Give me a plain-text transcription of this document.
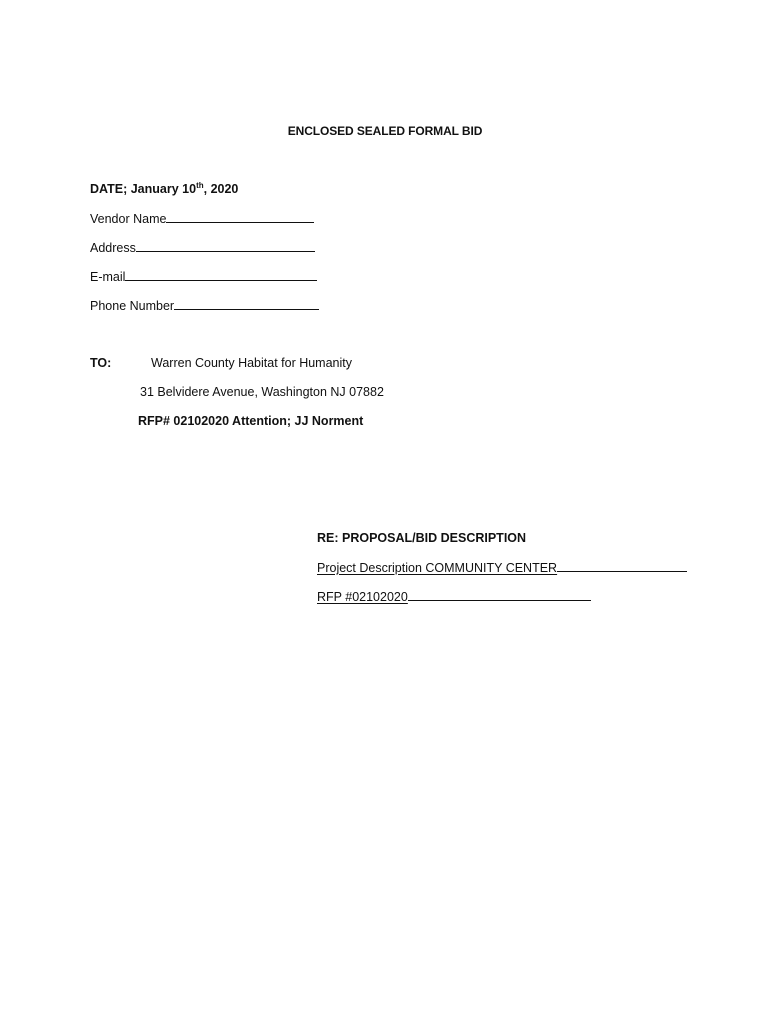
ENCLOSED SEALED FORMAL BID
DATE; January 10th, 2020
Vendor Name
Address
E-mail
Phone Number
TO:	Warren County Habitat for Humanity
31 Belvidere Avenue, Washington NJ 07882
RFP# 02102020 Attention; JJ Norment
RE: PROPOSAL/BID DESCRIPTION
Project Description COMMUNITY CENTER
RFP #02102020
